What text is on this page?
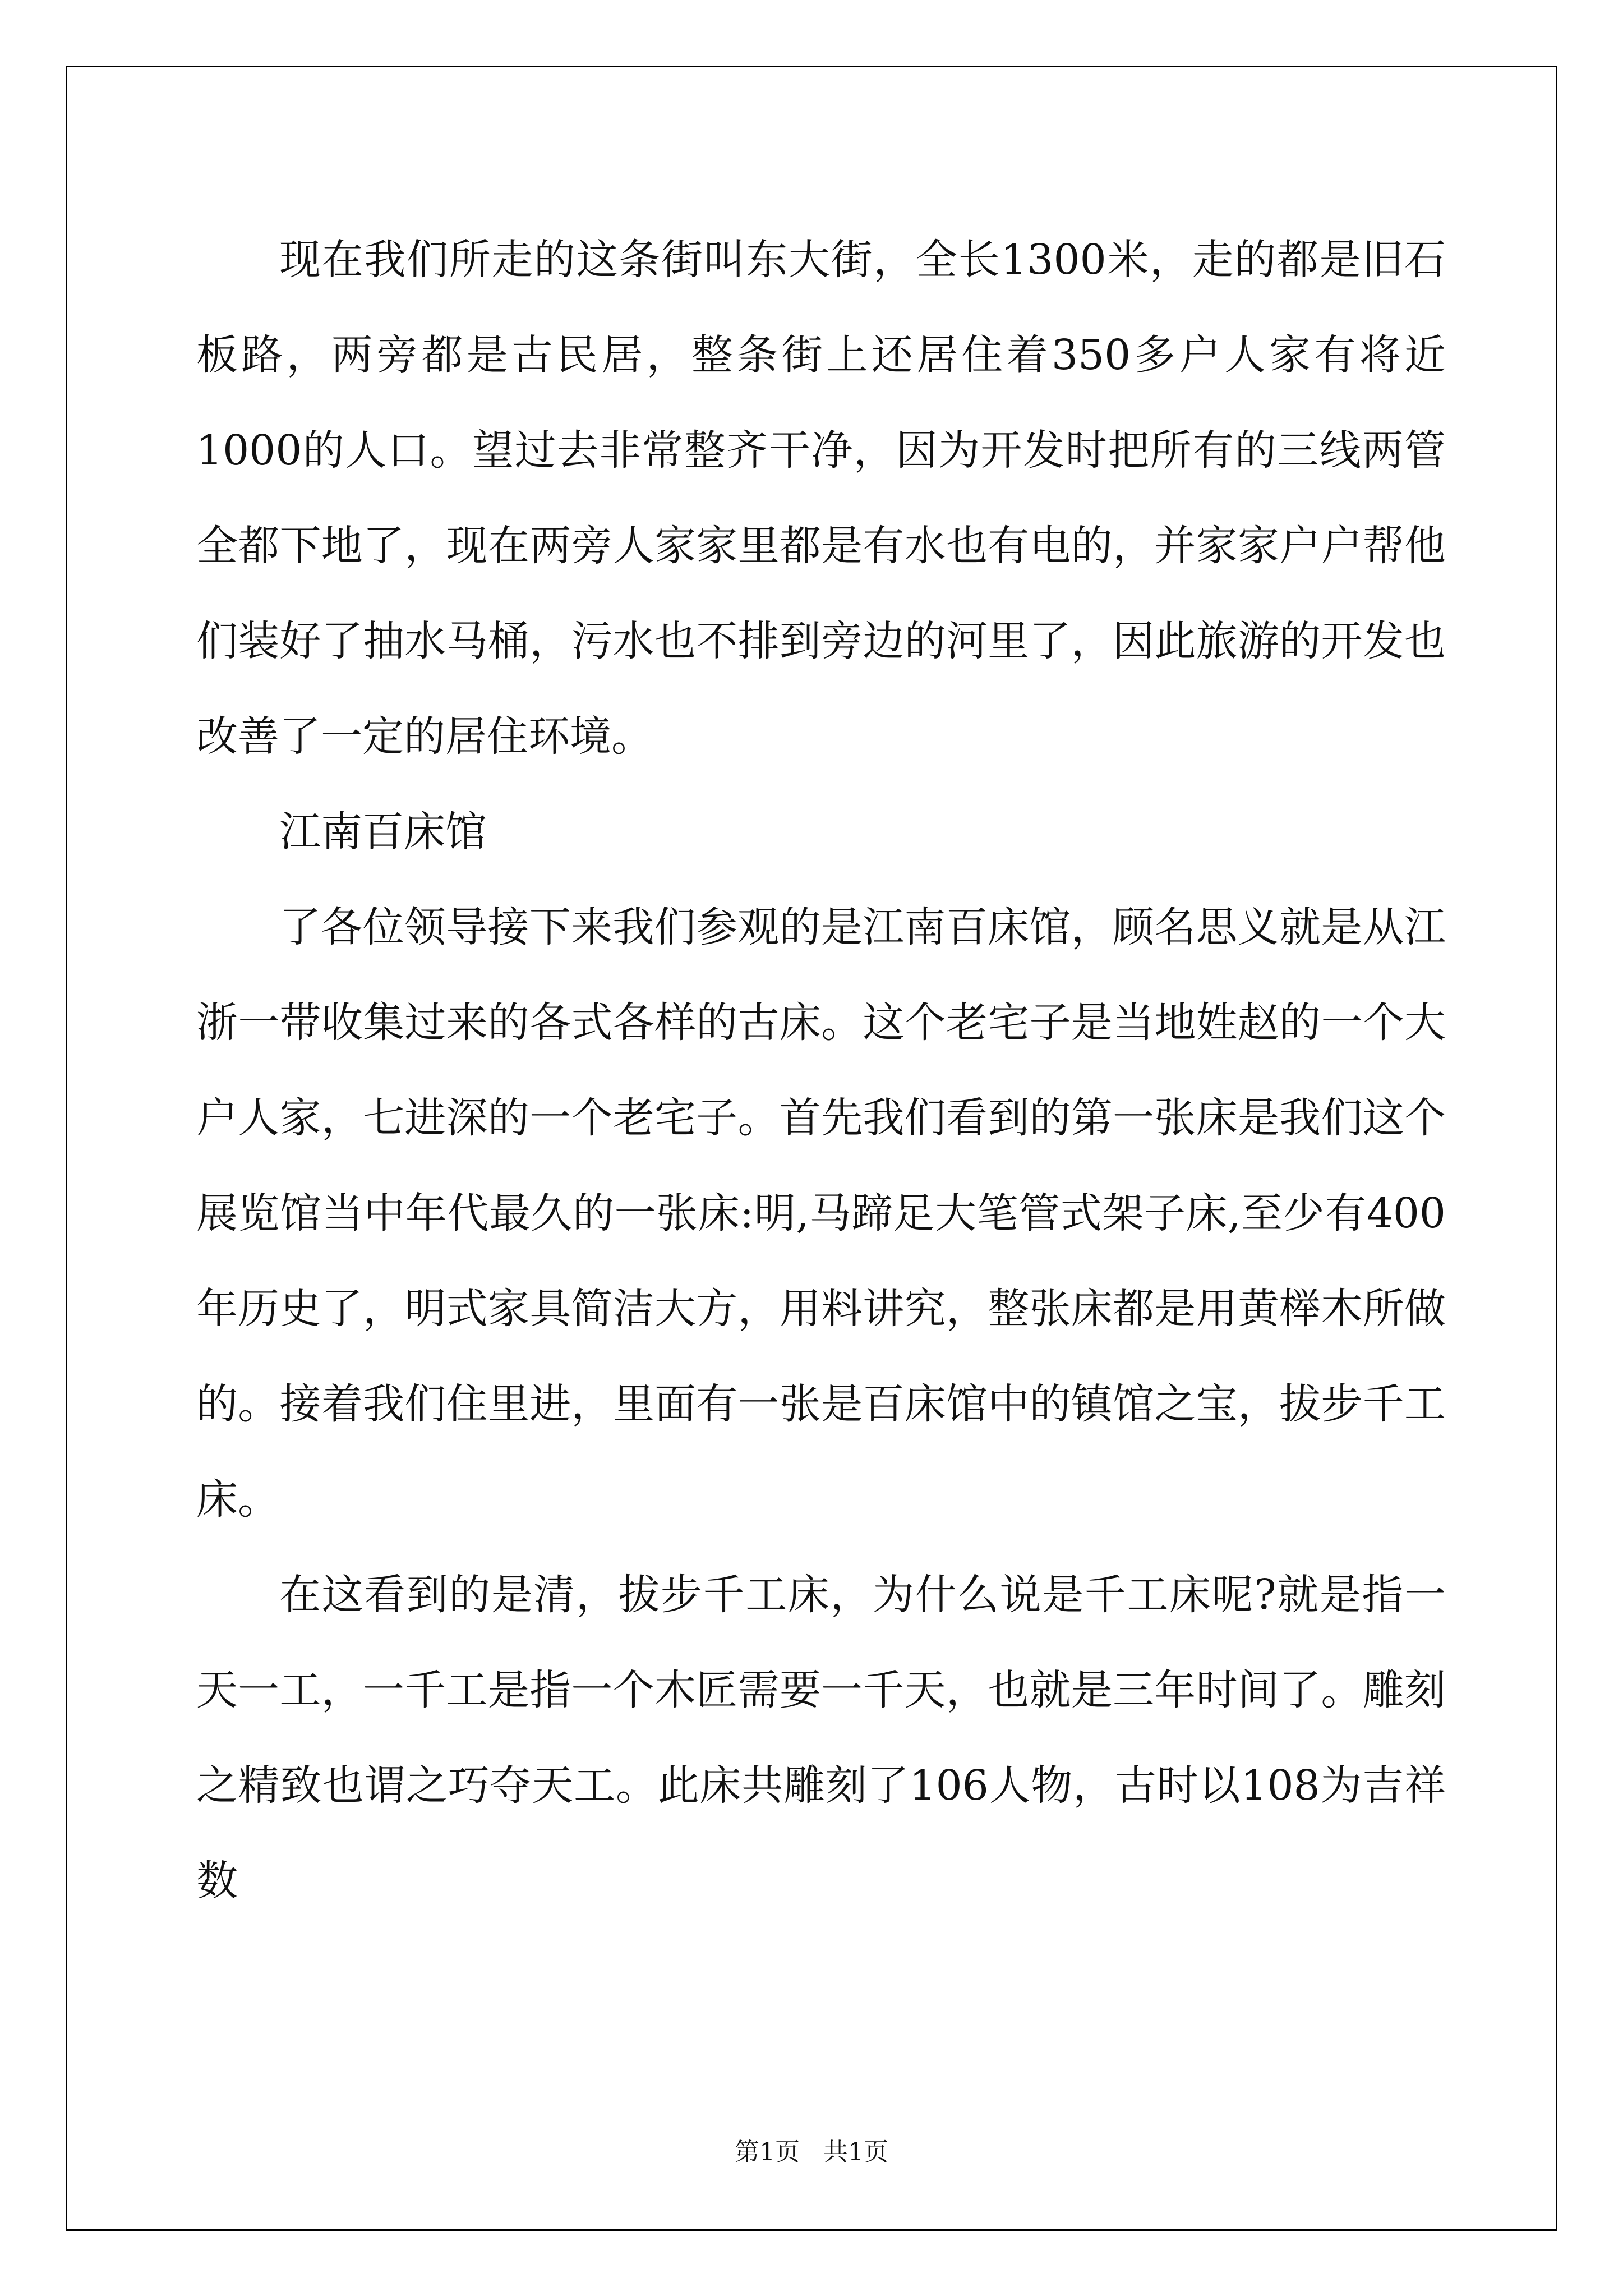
现在我们所走的这条街叫东大街，全长1300米，走的都是旧石板路，两旁都是古民居，整条街上还居住着350多户人家有将近1000的人口。望过去非常整齐干净，因为开发时把所有的三线两管全都下地了，现在两旁人家家里都是有水也有电的，并家家户户帮他们装好了抽水马桶，污水也不排到旁边的河里了，因此旅游的开发也改善了一定的居住环境。

江南百床馆

了各位领导接下来我们参观的是江南百床馆，顾名思义就是从江浙一带收集过来的各式各样的古床。这个老宅子是当地姓赵的一个大户人家，七进深的一个老宅子。首先我们看到的第一张床是我们这个展览馆当中年代最久的一张床:明,马蹄足大笔管式架子床,至少有400年历史了，明式家具简洁大方，用料讲究，整张床都是用黄榉木所做的。接着我们住里进，里面有一张是百床馆中的镇馆之宝，拔步千工床。

在这看到的是清，拔步千工床，为什么说是千工床呢?就是指一天一工，一千工是指一个木匠需要一千天，也就是三年时间了。雕刻之精致也谓之巧夺天工。此床共雕刻了106人物，古时以108为吉祥数

第1页   共1页
